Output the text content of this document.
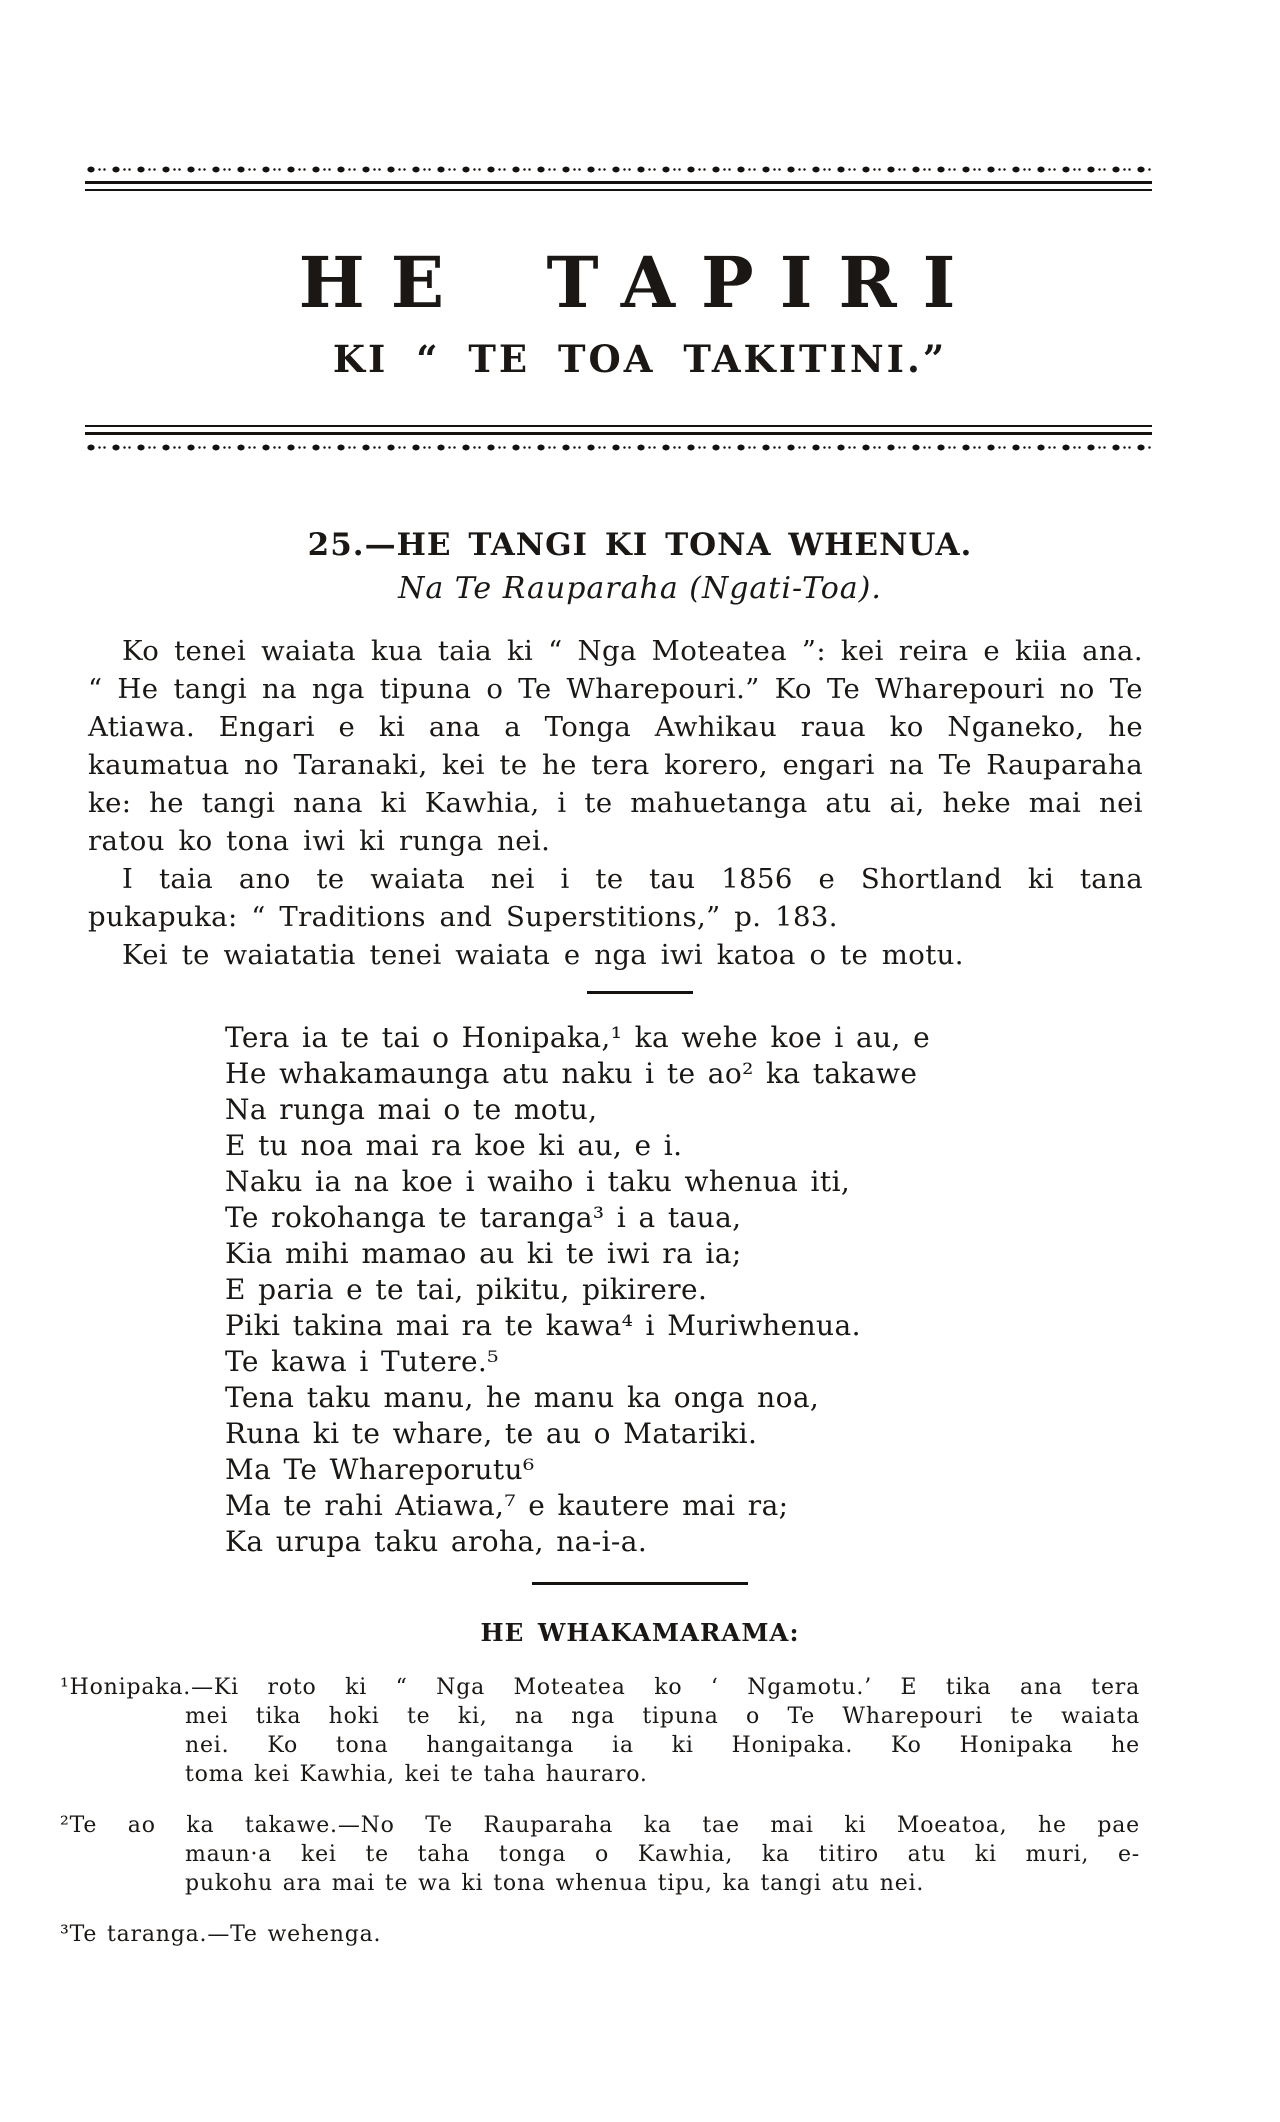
HE TAPIRI
KI “ TE TOA TAKITINI.”
25.—HE TANGI KI TONA WHENUA.
Na Te Rauparaha (Ngati-Toa).

Ko tenei waiata kua taia ki “ Nga Moteatea ”: kei reira e kiia ana. “ He tangi na nga tipuna o Te Wharepouri.” Ko Te Wharepouri no Te Atiawa. Engari e ki ana a Tonga Awhikau raua ko Nganeko, he kaumatua no Taranaki, kei te he tera korero, engari na Te Rauparaha ke: he tangi nana ki Kawhia, i te mahuetanga atu ai, heke mai nei ratou ko tona iwi ki runga nei.

I taia ano te waiata nei i te tau 1856 e Shortland ki tana pukapuka: “ Traditions and Superstitions,” p. 183.

Kei te waiatatia tenei waiata e nga iwi katoa o te motu.

Tera ia te tai o Honipaka,¹ ka wehe koe i au, e
He whakamaunga atu naku i te ao² ka takawe
Na runga mai o te motu,
E tu noa mai ra koe ki au, e i.
Naku ia na koe i waiho i taku whenua iti,
Te rokohanga te taranga³ i a taua,
Kia mihi mamao au ki te iwi ra ia;
E paria e te tai, pikitu, pikirere.
Piki takina mai ra te kawa⁴ i Muriwhenua.
Te kawa i Tutere.⁵
Tena taku manu, he manu ka onga noa,
Runa ki te whare, te au o Matariki.
Ma Te Whareporutu⁶
Ma te rahi Atiawa,⁷ e kautere mai ra;
Ka urupa taku aroha, na-i-a.
HE WHAKAMARAMA:
¹Honipaka.—Ki roto ki “ Nga Moteatea ko ‘ Ngamotu.’ E tika ana tera
mei tika hoki te ki, na nga tipuna o Te Wharepouri te waiata
nei. Ko tona hangaitanga ia ki Honipaka. Ko Honipaka he
toma kei Kawhia, kei te taha hauraro.
²Te ao ka takawe.—No Te Rauparaha ka tae mai ki Moeatoa, he pae
maun·a kei te taha tonga o Kawhia, ka titiro atu ki muri, e-
pukohu ara mai te wa ki tona whenua tipu, ka tangi atu nei.
³Te taranga.—Te wehenga.
